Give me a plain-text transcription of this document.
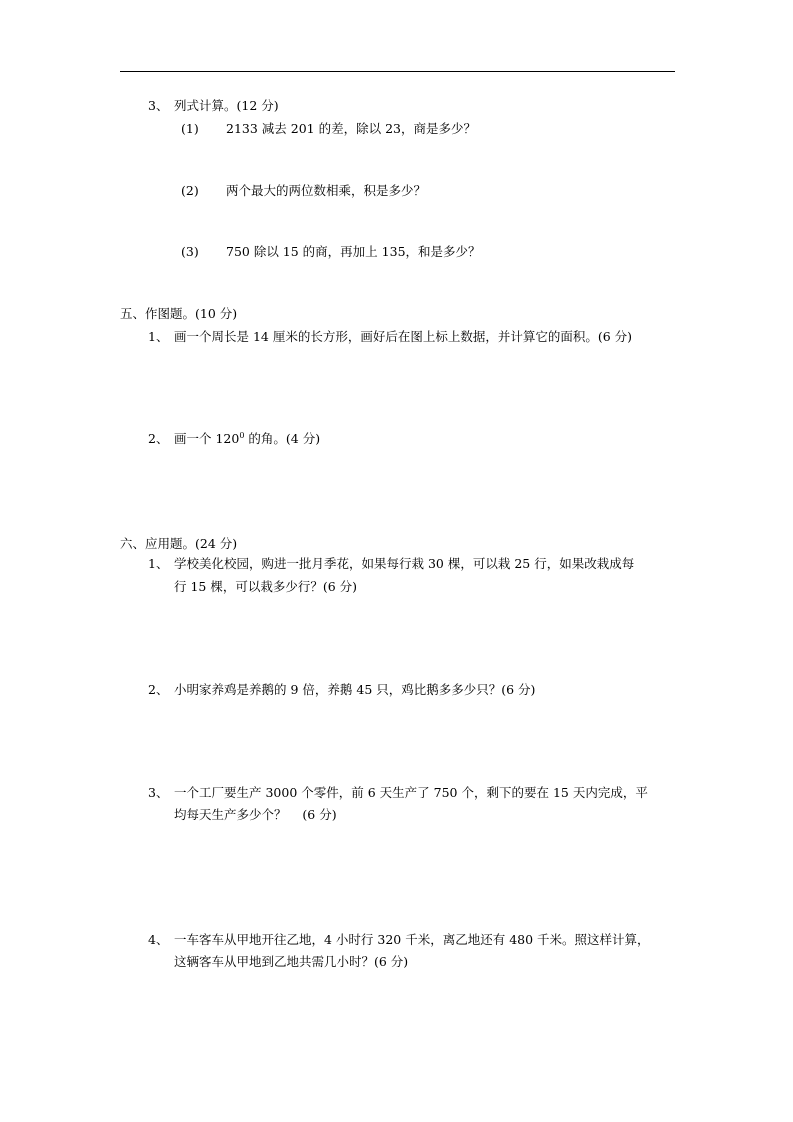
3、 列式计算。(12 分)
(1) 2133 减去 201 的差，除以 23，商是多少？
(2) 两个最大的两位数相乘，积是多少？
(3) 750 除以 15 的商，再加上 135，和是多少？
五、作图题。(10 分)
1、 画一个周长是 14 厘米的长方形，画好后在图上标上数据，并计算它的面积。(6 分)
2、 画一个 $120^0$ 的角。(4 分)
六、应用题。(24 分)
1、 学校美化校园，购进一批月季花，如果每行栽 30 棵，可以栽 25 行，如果改栽成每
行 15 棵，可以栽多少行？(6 分)
2、 小明家养鸡是养鹅的 9 倍，养鹅 45 只，鸡比鹅多多少只？(6 分)
3、 一个工厂要生产 3000 个零件，前 6 天生产了 750 个，剩下的要在 15 天内完成，平
均每天生产多少个？    (6 分)
4、 一车客车从甲地开往乙地，4 小时行 320 千米，离乙地还有 480 千米。照这样计算，
这辆客车从甲地到乙地共需几小时？(6 分)
